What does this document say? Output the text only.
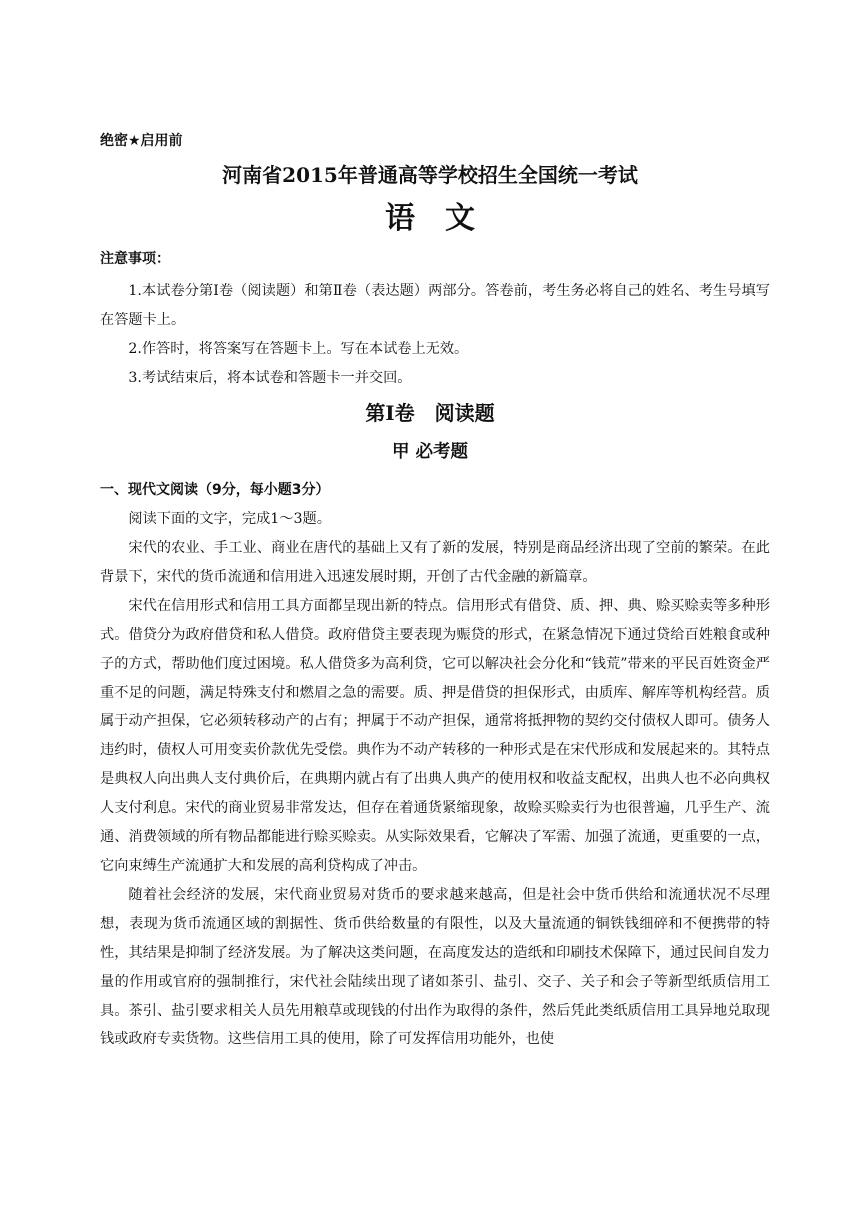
绝密★启用前
河南省2015年普通高等学校招生全国统一考试
语文
注意事项：

1.本试卷分第Ⅰ卷（阅读题）和第Ⅱ卷（表达题）两部分。答卷前，考生务必将自己的姓名、考生号填写在答题卡上。

2.作答时，将答案写在答题卡上。写在本试卷上无效。

3.考试结束后，将本试卷和答题卡一并交回。

第Ⅰ卷　阅读题
甲 必考题
一、现代文阅读（9分，每小题3分）

阅读下面的文字，完成1～3题。

宋代的农业、手工业、商业在唐代的基础上又有了新的发展，特别是商品经济出现了空前的繁荣。在此背景下，宋代的货币流通和信用进入迅速发展时期，开创了古代金融的新篇章。

宋代在信用形式和信用工具方面都呈现出新的特点。信用形式有借贷、质、押、典、赊买赊卖等多种形式。借贷分为政府借贷和私人借贷。政府借贷主要表现为赈贷的形式，在紧急情况下通过贷给百姓粮食或种子的方式，帮助他们度过困境。私人借贷多为高利贷，它可以解决社会分化和“钱荒”带来的平民百姓资金严重不足的问题，满足特殊支付和燃眉之急的需要。质、押是借贷的担保形式，由质库、解库等机构经营。质属于动产担保，它必须转移动产的占有；押属于不动产担保，通常将抵押物的契约交付债权人即可。债务人违约时，债权人可用变卖价款优先受偿。典作为不动产转移的一种形式是在宋代形成和发展起来的。其特点是典权人向出典人支付典价后，在典期内就占有了出典人典产的使用权和收益支配权，出典人也不必向典权人支付利息。宋代的商业贸易非常发达，但存在着通货紧缩现象，故赊买赊卖行为也很普遍，几乎生产、流通、消费领域的所有物品都能进行赊买赊卖。从实际效果看，它解决了军需、加强了流通，更重要的一点，它向束缚生产流通扩大和发展的高利贷构成了冲击。

随着社会经济的发展，宋代商业贸易对货币的要求越来越高，但是社会中货币供给和流通状况不尽理想，表现为货币流通区域的割据性、货币供给数量的有限性，以及大量流通的铜铁钱细碎和不便携带的特性，其结果是抑制了经济发展。为了解决这类问题，在高度发达的造纸和印刷技术保障下，通过民间自发力量的作用或官府的强制推行，宋代社会陆续出现了诸如茶引、盐引、交子、关子和会子等新型纸质信用工具。茶引、盐引要求相关人员先用粮草或现钱的付出作为取得的条件，然后凭此类纸质信用工具异地兑取现钱或政府专卖货物。这些信用工具的使用，除了可发挥信用功能外，也使
